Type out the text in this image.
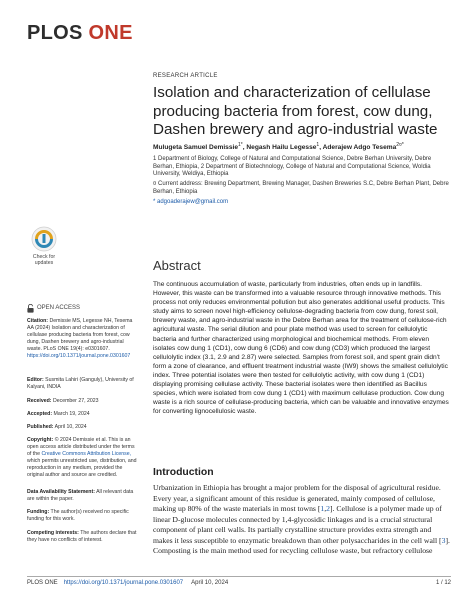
PLOS ONE
RESEARCH ARTICLE
Isolation and characterization of cellulase producing bacteria from forest, cow dung, Dashen brewery and agro-industrial waste
Mulugeta Samuel Demissie$^{1*}$, Negash Hailu Legesse$^1$, Aderajew Adgo Tesema$^{2¤*}$

1 Department of Biology, College of Natural and Computational Science, Debre Berhan University, Debre Berhan, Ethiopia, 2 Department of Biotechnology, College of Natural and Computational Science, Woldia University, Weldiya, Ethiopia

¤ Current address: Brewing Department, Brewing Manager, Dashen Breweries S.C, Debre Berhan Plant, Debre Berhan, Ethiopia

* adgoaderajew@gmail.com

Check for
updates
OPEN ACCESS
Citation: Demissie MS, Legesse NH, Tesema AA (2024) Isolation and characterization of cellulase producing bacteria from forest, cow dung, Dashen brewery and agro-industrial waste. PLoS ONE 19(4): e0301607. https://doi.org/10.1371/journal.pone.0301607
Editor: Susmita Lahiri (Ganguly), University of Kalyani, INDIA
Received: December 27, 2023
Accepted: March 19, 2024
Published: April 10, 2024
Copyright: © 2024 Demissie et al. This is an open access article distributed under the terms of the Creative Commons Attribution License, which permits unrestricted use, distribution, and reproduction in any medium, provided the original author and source are credited.
Data Availability Statement: All relevant data are within the paper.
Funding: The author(s) received no specific funding for this work.
Competing interests: The authors declare that they have no conflicts of interest.
Abstract

The continuous accumulation of waste, particularly from industries, often ends up in landfills. However, this waste can be transformed into a valuable resource through innovative methods. This process not only reduces environmental pollution but also generates additional useful products. This study aims to screen novel high-efficiency cellulose-degrading bacteria from cow dung, forest soil, brewery waste, and agro-industrial waste in the Debre Berhan area for the treatment of cellulose-rich agricultural waste. The serial dilution and pour plate method was used to screen for cellulolytic bacteria and further characterized using morphological and biochemical methods. From eleven isolates cow dung 1 (CD1), cow dung 6 (CD6) and cow dung (CD3) which produced the largest cellulolytic index (3.1, 2.9 and 2.87) were selected. Samples from forest soil, and spent grain didn't form a zone of clearance, and effluent treatment industrial waste (IW9) shows the smallest cellulolytic index. Three potential isolates were then tested for cellulolytic activity, with cow dung 1 (CD1) displaying promising cellulase activity. These bacterial isolates were then identified as Bacillus species, which were isolated from cow dung 1 (CD1) with maximum cellulase production. Cow dung waste is a rich source of cellulase-producing bacteria, which can be valuable and innovative enzymes for converting lignocellulosic waste.

Introduction

Urbanization in Ethiopia has brought a major problem for the disposal of agricultural residue. Every year, a significant amount of this residue is generated, mainly composed of cellulose, making up 80% of the waste materials in most towns [1,2]. Cellulose is a polymer made up of linear D-glucose molecules connected by 1,4-glycosidic linkages and is a crucial structural component of plant cell walls. Its partially crystalline structure provides extra strength and makes it less susceptible to enzymatic breakdown than other polysaccharides in the cell wall [3]. Composting is the main method used for recycling cellulose waste, but refractory cellulose

PLOS ONE https://doi.org/10.1371/journal.pone.0301607 April 10, 2024	1 / 12
